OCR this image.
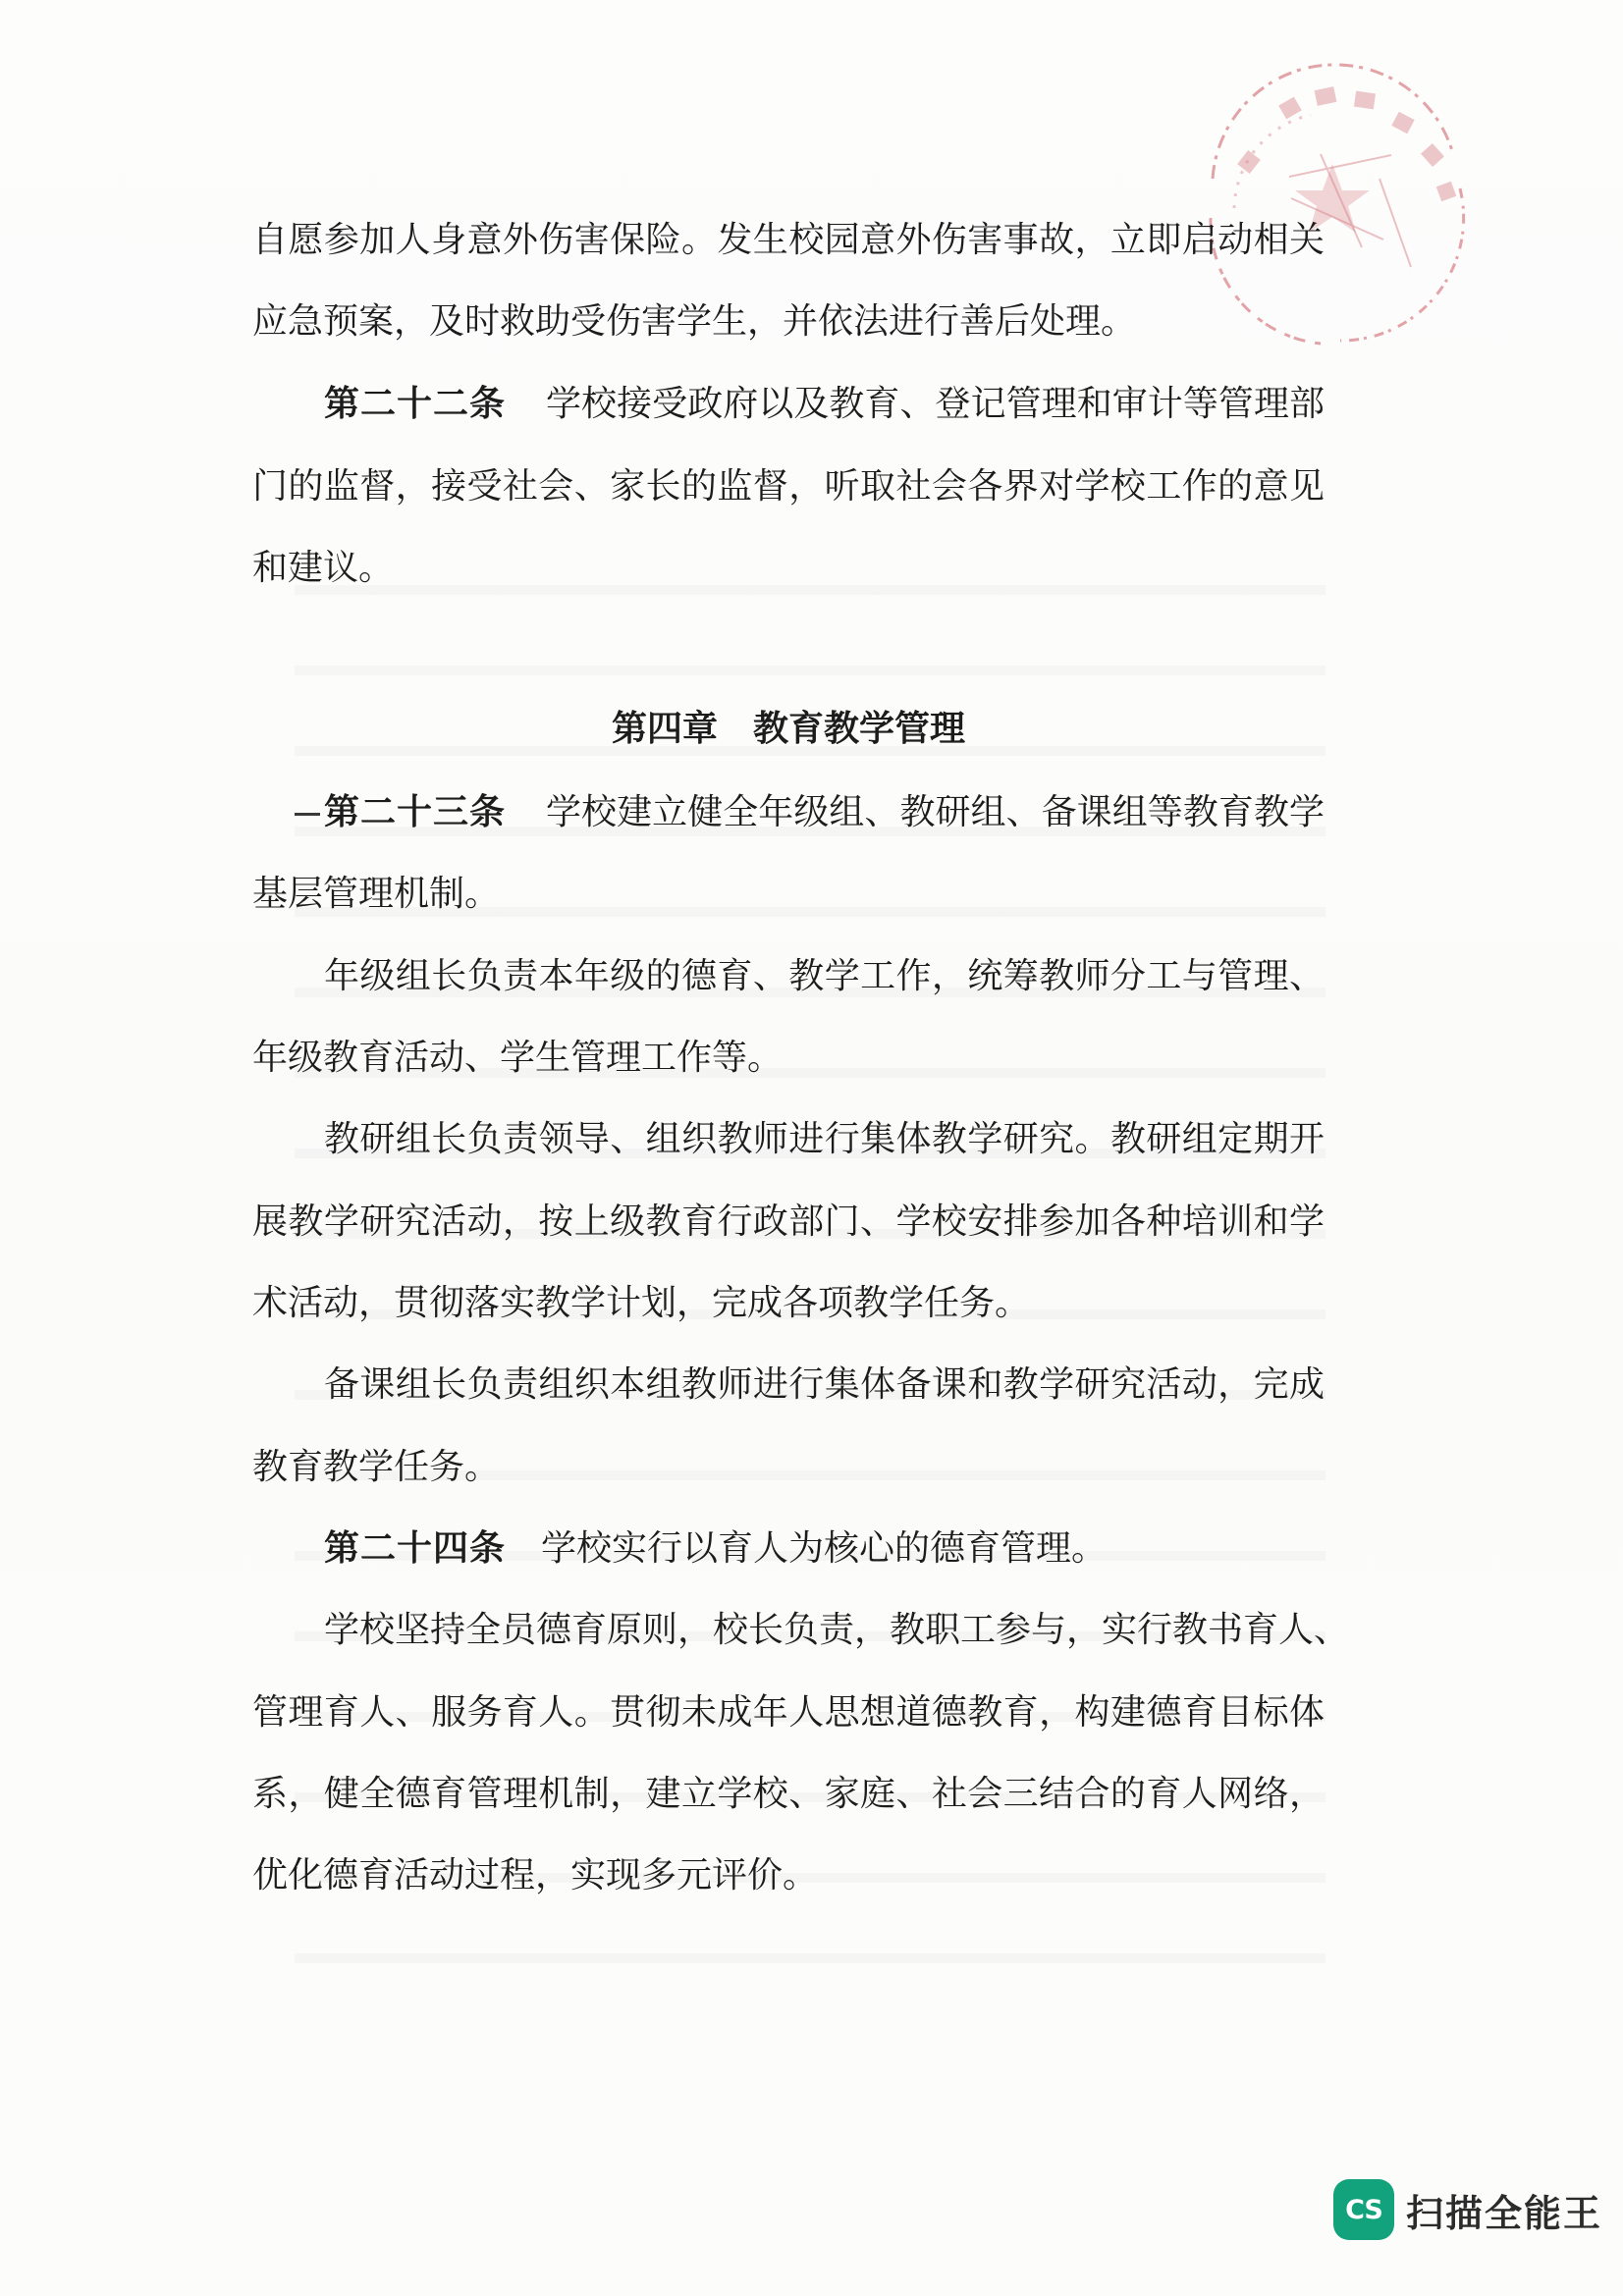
自愿参加人身意外伤害保险。发生校园意外伤害事故，立即启动相关

应急预案，及时救助受伤害学生，并依法进行善后处理。

第二十二条 学校接受政府以及教育、登记管理和审计等管理部

门的监督，接受社会、家长的监督，听取社会各界对学校工作的意见

和建议。

第四章 教育教学管理

第二十三条 学校建立健全年级组、教研组、备课组等教育教学

基层管理机制。

年级组长负责本年级的德育、教学工作，统筹教师分工与管理、

年级教育活动、学生管理工作等。

教研组长负责领导、组织教师进行集体教学研究。教研组定期开

展教学研究活动，按上级教育行政部门、学校安排参加各种培训和学

术活动，贯彻落实教学计划，完成各项教学任务。

备课组长负责组织本组教师进行集体备课和教学研究活动，完成

教育教学任务。

第二十四条 学校实行以育人为核心的德育管理。

学校坚持全员德育原则，校长负责，教职工参与，实行教书育人、

管理育人、服务育人。贯彻未成年人思想道德教育，构建德育目标体

系，健全德育管理机制，建立学校、家庭、社会三结合的育人网络，

优化德育活动过程，实现多元评价。

CS 扫描全能王
